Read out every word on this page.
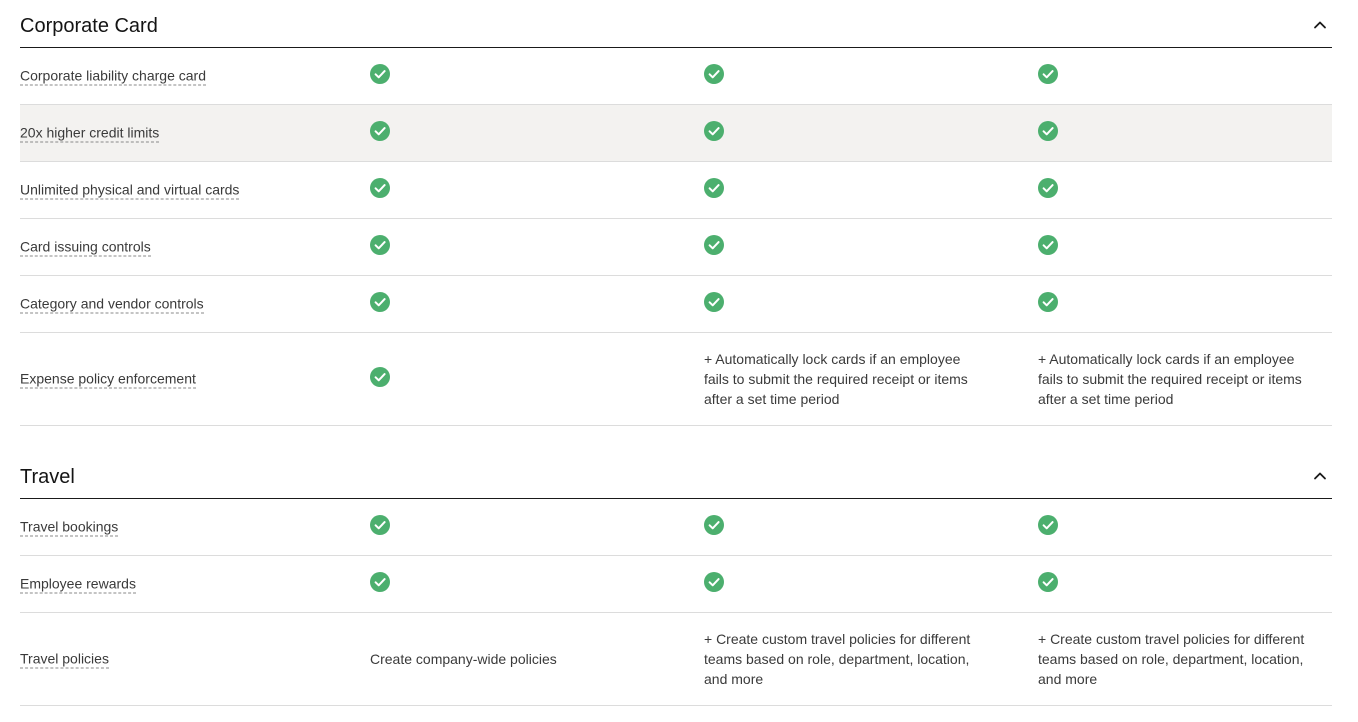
Corporate Card
Corporate liability charge card
20x higher credit limits
Unlimited physical and virtual cards
Card issuing controls
Category and vendor controls
Expense policy enforcement
+ Automatically lock cards if an employee fails to submit the required receipt or items after a set time period
+ Automatically lock cards if an employee fails to submit the required receipt or items after a set time period
Travel
Travel bookings
Employee rewards
Travel policies	Create company-wide policies
+ Create custom travel policies for different teams based on role, department, location, and more
+ Create custom travel policies for different teams based on role, department, location, and more
